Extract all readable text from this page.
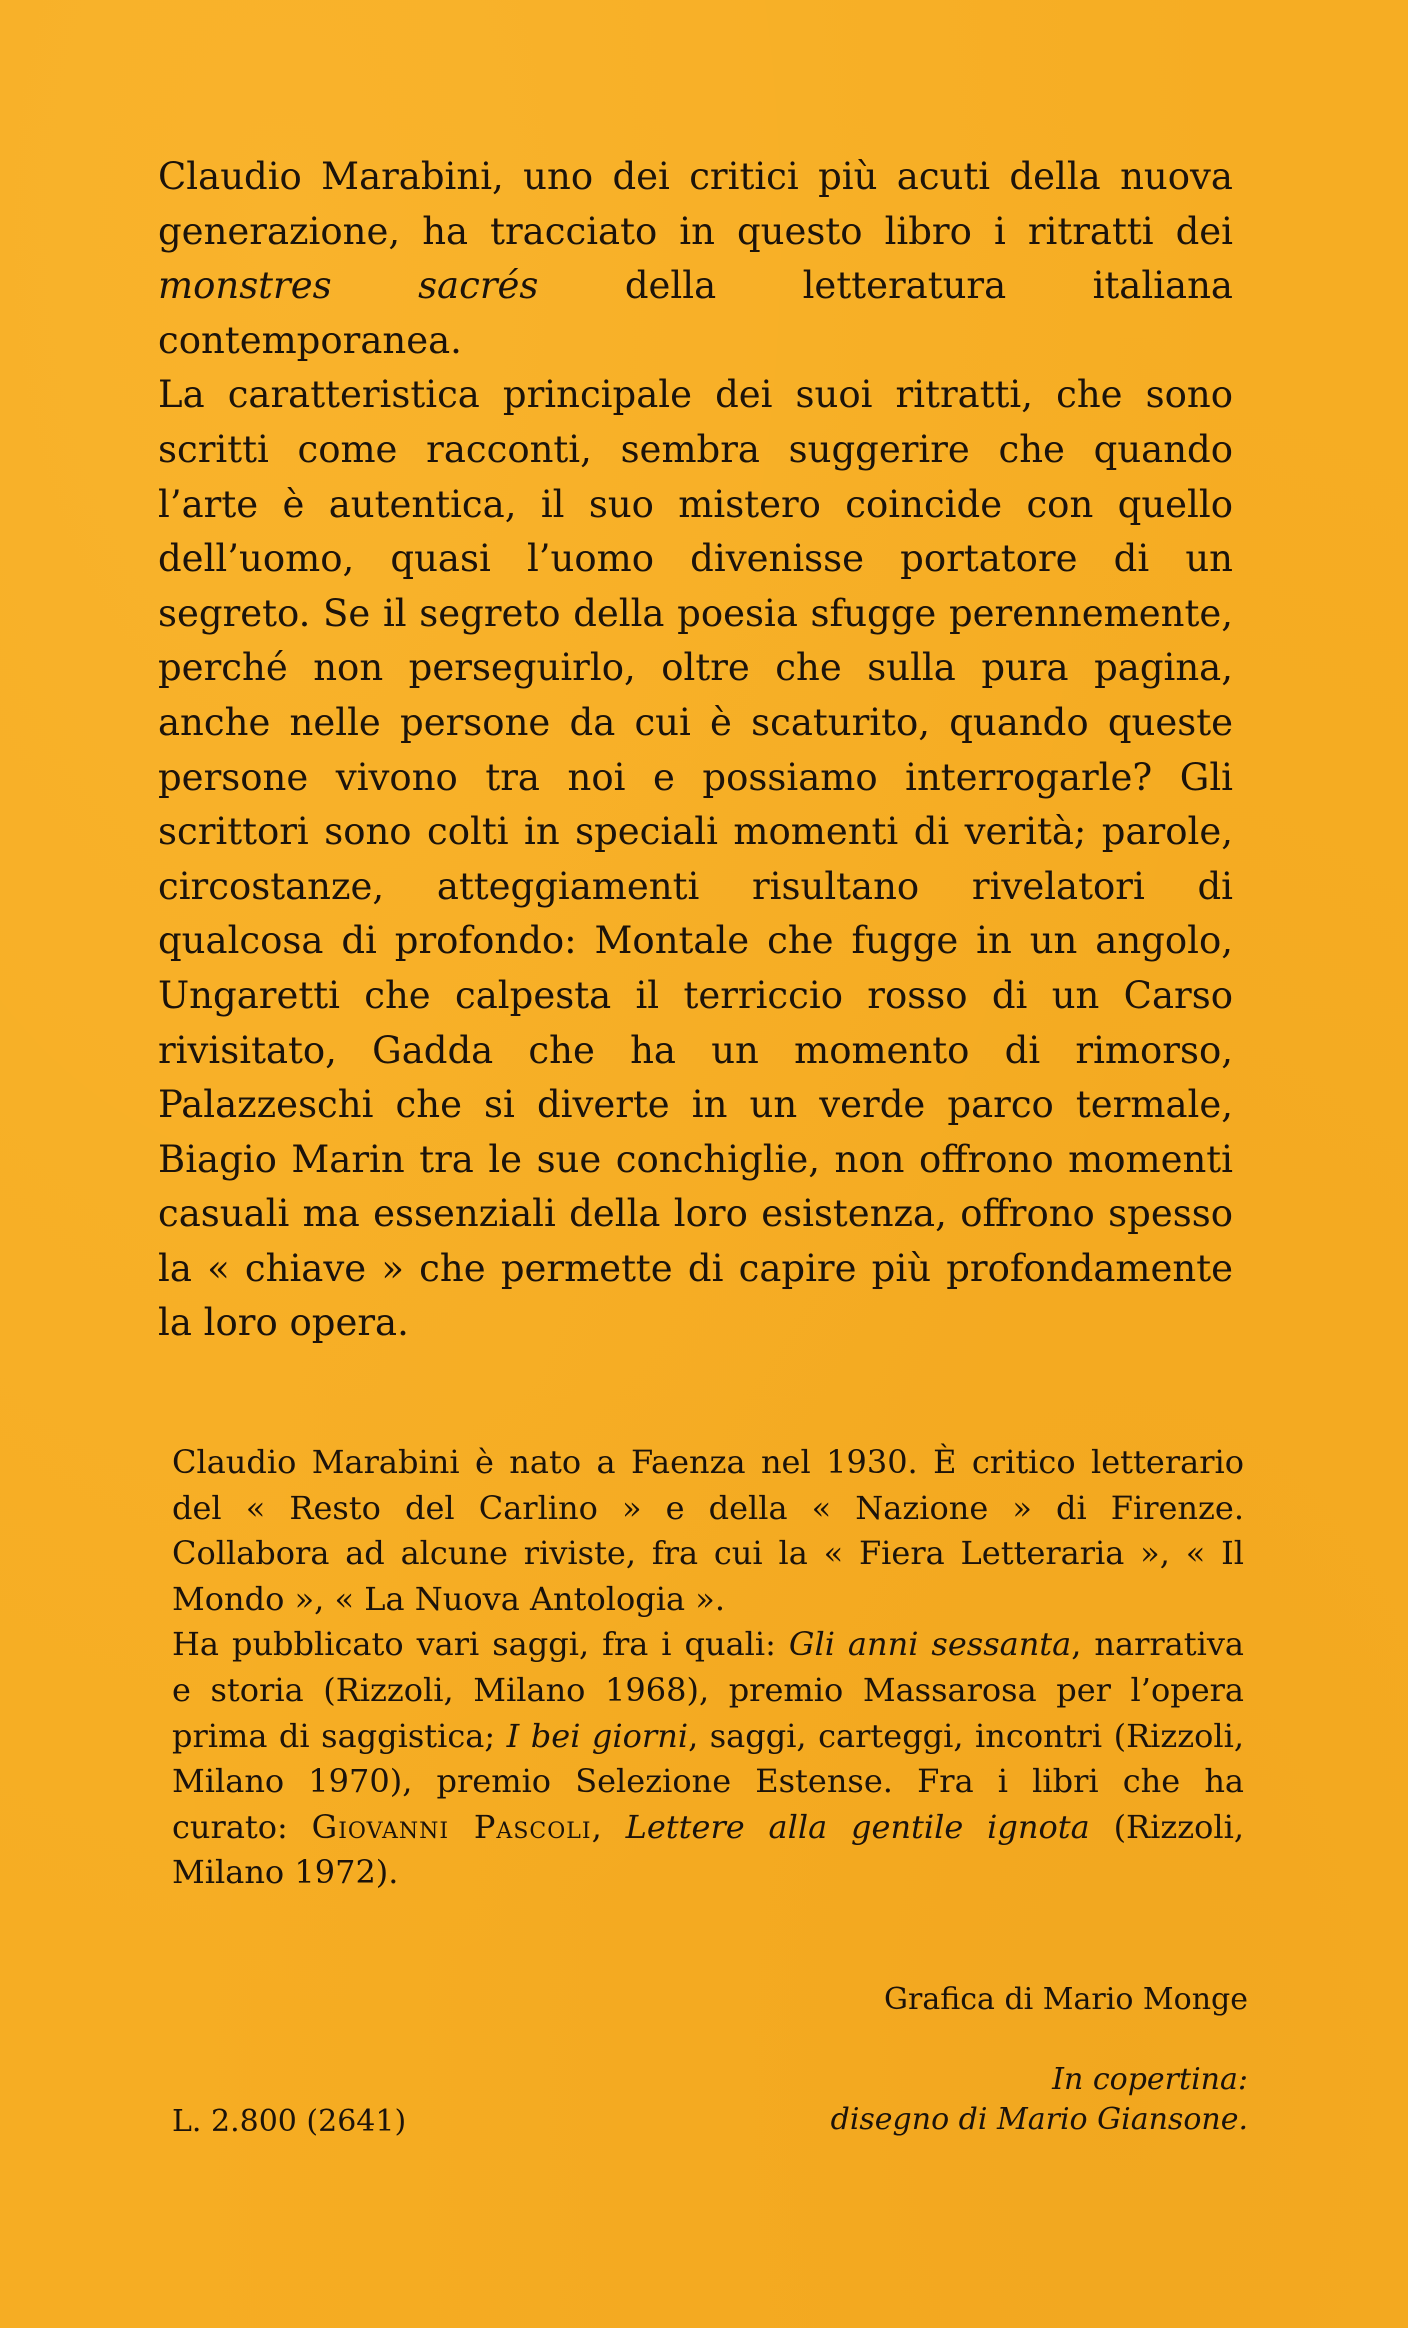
Claudio Marabini, uno dei critici più acuti della nuova generazione, ha tracciato in questo libro i ritratti dei monstres sacrés della letteratura italiana contemporanea.

La caratteristica principale dei suoi ritratti, che sono scritti come racconti, sembra suggerire che quando l’arte è autentica, il suo mistero coincide con quello dell’uomo, quasi l’uomo divenisse portatore di un segreto. Se il segreto della poesia sfugge perennemente, perché non perseguirlo, oltre che sulla pura pagina, anche nelle persone da cui è scaturito, quando queste persone vivono tra noi e possiamo interrogarle? Gli scrittori sono colti in speciali momenti di verità; parole, circostanze, atteggiamenti risultano rivelatori di qualcosa di profondo: Montale che fugge in un angolo, Ungaretti che calpesta il terriccio rosso di un Carso rivisitato, Gadda che ha un momento di rimorso, Palazzeschi che si diverte in un verde parco termale, Biagio Marin tra le sue conchiglie, non offrono momenti casuali ma essenziali della loro esistenza, offrono spesso la « chiave » che permette di capire più profondamente la loro opera.

Claudio Marabini è nato a Faenza nel 1930. È critico letterario del « Resto del Carlino » e della « Nazione » di Firenze. Collabora ad alcune riviste, fra cui la « Fiera Letteraria », « Il Mondo », « La Nuova Antologia ».

Ha pubblicato vari saggi, fra i quali: Gli anni sessanta, narrativa e storia (Rizzoli, Milano 1968), premio Massarosa per l’opera prima di saggistica; I bei giorni, saggi, carteggi, incontri (Rizzoli, Milano 1970), premio Selezione Estense. Fra i libri che ha curato: Giovanni Pascoli, Lettere alla gentile ignota (Rizzoli, Milano 1972).

Grafica di Mario Monge
In copertina:
disegno di Mario Giansone.
L. 2.800 (2641)
